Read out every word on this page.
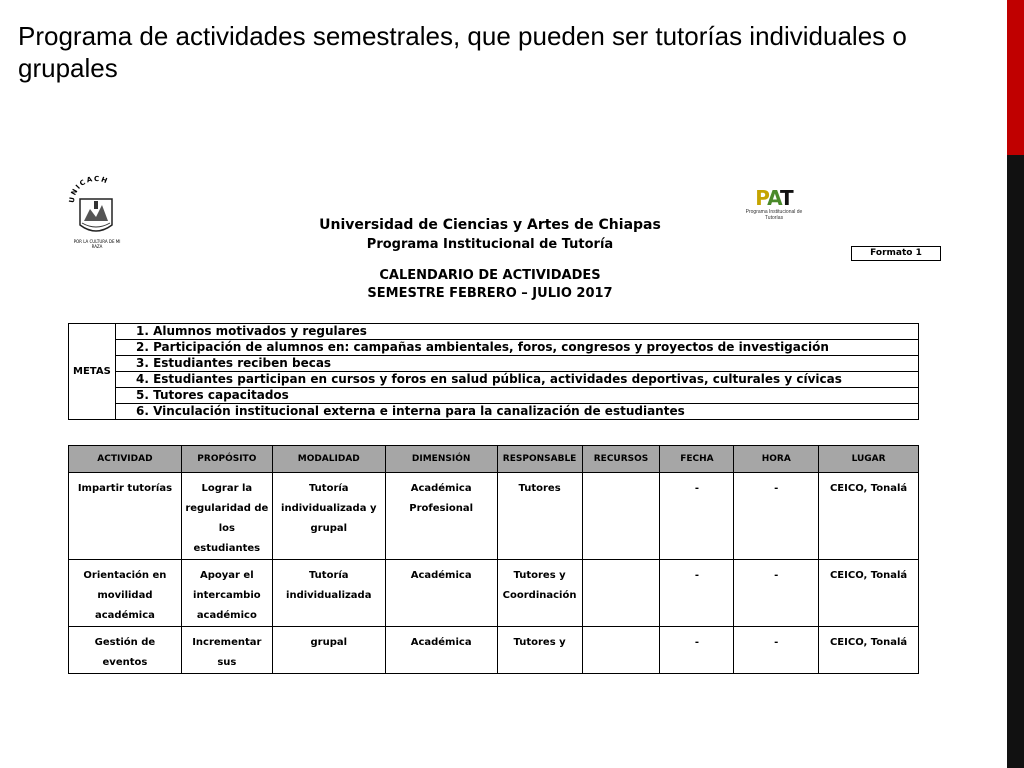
Programa de actividades semestrales, que pueden ser tutorías individuales o grupales
UNICACH
POR LA CULTURA DE MI RAZA
PAT
Programa Institucional de Tutorías
Universidad de Ciencias y Artes de Chiapas
Programa Institucional de Tutoría
CALENDARIO DE ACTIVIDADES
SEMESTRE FEBRERO – JULIO 2017
Formato 1
METAS	1. Alumnos motivados y regulares
2. Participación de alumnos en: campañas ambientales, foros, congresos y proyectos de investigación
3. Estudiantes reciben becas
4. Estudiantes participan en cursos y foros en salud pública, actividades deportivas, culturales y cívicas
5. Tutores capacitados
6. Vinculación institucional externa e interna para la canalización de estudiantes
ACTIVIDAD	PROPÓSITO	MODALIDAD	DIMENSIÓN	RESPONSABLE	RECURSOS	FECHA	HORA	LUGAR
Impartir tutorías	Lograr la regularidad de los estudiantes	Tutoría individualizada y grupal	Académica Profesional	Tutores		-	-	CEICO, Tonalá
Orientación en movilidad académica	Apoyar el intercambio académico	Tutoría individualizada	Académica	Tutores y Coordinación		-	-	CEICO, Tonalá
Gestión de eventos	Incrementar sus	grupal	Académica	Tutores y		-	-	CEICO, Tonalá
